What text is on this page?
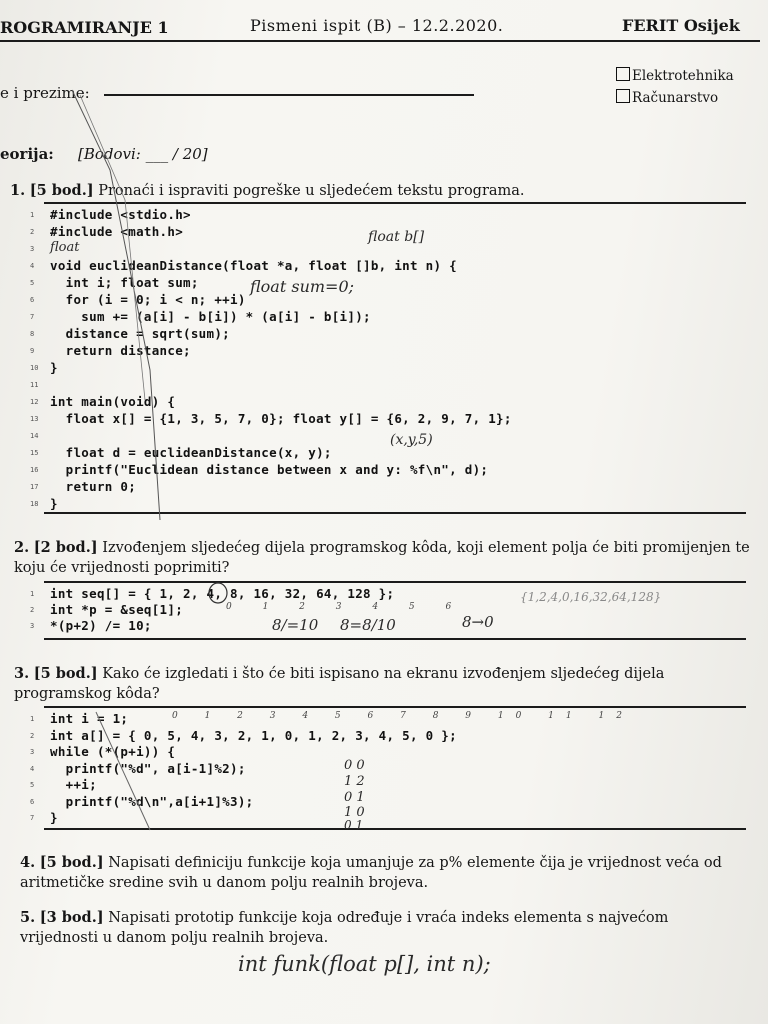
ROGRAMIRANJE 1	Pismeni ispit (B) – 12.2.2020.	FERIT Osijek
e i prezime:
Elektrotehnika
Računarstvo
eorija: [Bodovi: ___ / 20]
1. [5 bod.] Pronaći i ispraviti pogreške u sljedećem tekstu programa.
1 #include <stdio.h>
2 #include <math.h>
3
4 void euclideanDistance(float *a, float []b, int n) {
5 int i; float sum;
6 for (i = 0; i < n; ++i)
7 sum += (a[i] - b[i]) * (a[i] - b[i]);
8 distance = sqrt(sum);
9 return distance;
10 }
11
12 int main(void) {
13 float x[] = {1, 3, 5, 7, 0}; float y[] = {6, 2, 9, 7, 1};
14
15 float d = euclideanDistance(x, y);
16 printf("Euclidean distance between x and y: %f\n", d);
17 return 0;
18 }
float b[]
float
float sum=0;
(x,y,5)
2. [2 bod.] Izvođenjem sljedećeg dijela programskog kôda, koji element polja će biti promijenjen te koju će vrijednosti poprimiti?
1 int seq[] = { 1, 2, 4, 8, 16, 32, 64, 128 };
2 int *p = &seq[1];
3 *(p+2) /= 10;
0 1 2 3 4 5 6
8/=10 8=8/10	8→0
{1,2,4,0,16,32,64,128}
3. [5 bod.] Kako će izgledati i što će biti ispisano na ekranu izvođenjem sljedećeg dijela programskog kôda?
1 int i = 1;
2 int a[] = { 0, 5, 4, 3, 2, 1, 0, 1, 2, 3, 4, 5, 0 };
3 while (*(p+i)) {
4 printf("%d", a[i-1]%2);
5 ++i;
6 printf("%d\n",a[i+1]%3);
7 }
0 1 2 3 4 5 6 7 8 9 10 11 12
0 0
1 2
0 1
1 0
0 1
4. [5 bod.] Napisati definiciju funkcije koja umanjuje za p% elemente čija je vrijednost veća od aritmetičke sredine svih u danom polju realnih brojeva.
5. [3 bod.] Napisati prototip funkcije koja određuje i vraća indeks elementa s najvećom vrijednosti u danom polju realnih brojeva.
int funk(float p[], int n);
